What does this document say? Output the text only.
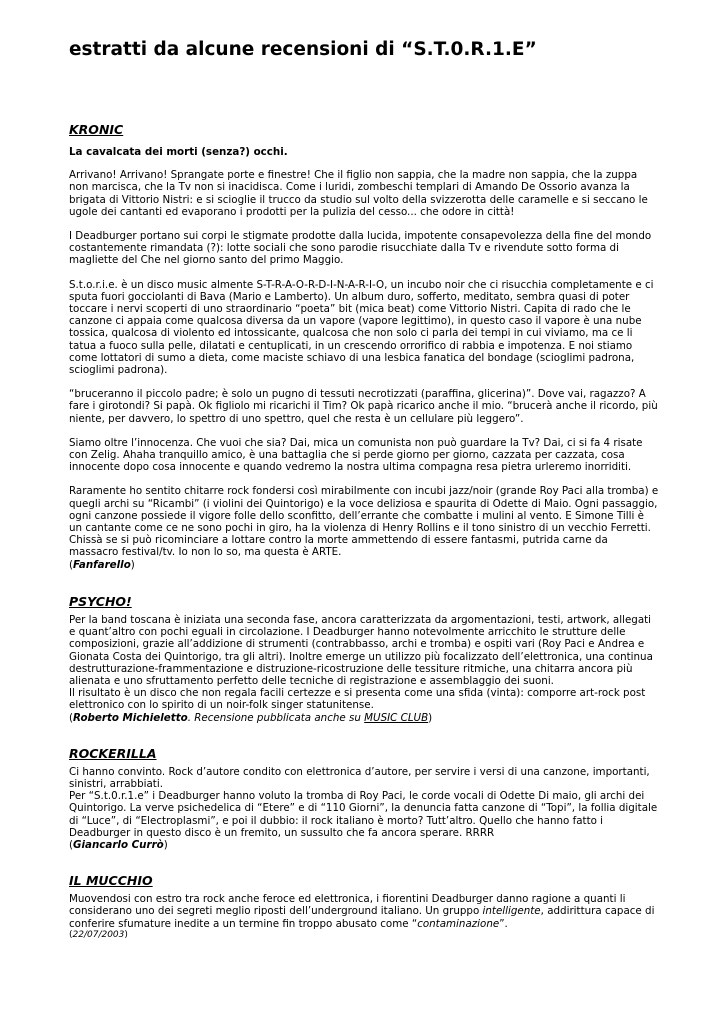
estratti da alcune recensioni di “S.T.0.R.1.E”
KRONIC

La cavalcata dei morti (senza?) occhi.

Arrivano! Arrivano! Sprangate porte e finestre! Che il figlio non sappia, che la madre non sappia, che la zuppa non marcisca, che la Tv non si inacidisca. Come i luridi, zombeschi templari di Amando De Ossorio avanza la brigata di Vittorio Nistri: e si scioglie il trucco da studio sul volto della svizzerotta delle caramelle e si seccano le ugole dei cantanti ed evaporano i prodotti per la pulizia del cesso... che odore in città!

I Deadburger portano sui corpi le stigmate prodotte dalla lucida, impotente consapevolezza della fine del mondo costantemente rimandata (?): lotte sociali che sono parodie risucchiate dalla Tv e rivendute sotto forma di magliette del Che nel giorno santo del primo Maggio.

S.t.o.r.i.e. è un disco music almente S-T-R-A-O-R-D-I-N-A-R-I-O, un incubo noir che ci risucchia completamente e ci sputa fuori gocciolanti di Bava (Mario e Lamberto). Un album duro, sofferto, meditato, sembra quasi di poter toccare i nervi scoperti di uno straordinario “poeta” bit (mica beat) come Vittorio Nistri. Capita di rado che le canzone ci appaia come qualcosa diversa da un vapore (vapore legittimo), in questo caso il vapore è una nube tossica, qualcosa di violento ed intossicante, qualcosa che non solo ci parla dei tempi in cui viviamo, ma ce li tatua a fuoco sulla pelle, dilatati e centuplicati, in un crescendo orrorifico di rabbia e impotenza. E noi stiamo come lottatori di sumo a dieta, come maciste schiavo di una lesbica fanatica del bondage (scioglimi padrona, scioglimi padrona).

“bruceranno il piccolo padre; è solo un pugno di tessuti necrotizzati (paraffina, glicerina)”. Dove vai, ragazzo? A fare i girotondi? Si papà. Ok figliolo mi ricarichi il Tim? Ok papà ricarico anche il mio. “brucerà anche il ricordo, più niente, per davvero, lo spettro di uno spettro, quel che resta è un cellulare più leggero”.

Siamo oltre l’innocenza. Che vuoi che sia? Dai, mica un comunista non può guardare la Tv? Dai, ci si fa 4 risate con Zelig. Ahaha tranquillo amico, è una battaglia che si perde giorno per giorno, cazzata per cazzata, cosa innocente dopo cosa innocente e quando vedremo la nostra ultima compagna resa pietra urleremo inorriditi.

Raramente ho sentito chitarre rock fondersi così mirabilmente con incubi jazz/noir (grande Roy Paci alla tromba) e quegli archi su “Ricambi” (i violini dei Quintorigo) e la voce deliziosa e spaurita di Odette di Maio. Ogni passaggio, ogni canzone possiede il vigore folle dello sconfitto, dell’errante che combatte i mulini al vento. E Simone Tilli è un cantante come ce ne sono pochi in giro, ha la violenza di Henry Rollins e il tono sinistro di un vecchio Ferretti. Chissà se si può ricominciare a lottare contro la morte ammettendo di essere fantasmi, putrida carne da massacro festival/tv. Io non lo so, ma questa è ARTE.

(Fanfarello)

PSYCHO!

Per la band toscana è iniziata una seconda fase, ancora caratterizzata da argomentazioni, testi, artwork, allegati e quant’altro con pochi eguali in circolazione. I Deadburger hanno notevolmente arricchito le strutture delle composizioni, grazie all’addizione di strumenti (contrabbasso, archi e tromba) e ospiti vari (Roy Paci e Andrea e Gionata Costa dei Quintorigo, tra gli altri). Inoltre emerge un utilizzo più focalizzato dell’elettronica, una continua destrutturazione-frammentazione e distruzione-ricostruzione delle tessiture ritmiche, una chitarra ancora più alienata e uno sfruttamento perfetto delle tecniche di registrazione e assemblaggio dei suoni.

Il risultato è un disco che non regala facili certezze e si presenta come una sfida (vinta): comporre art-rock post elettronico con lo spirito di un noir-folk singer statunitense.

(Roberto Michieletto. Recensione pubblicata anche su MUSIC CLUB)

ROCKERILLA

Ci hanno convinto. Rock d’autore condito con elettronica d’autore, per servire i versi di una canzone, importanti, sinistri, arrabbiati.

Per “S.t.0.r.1.e” i Deadburger hanno voluto la tromba di Roy Paci, le corde vocali di Odette Di maio, gli archi dei Quintorigo. La verve psichedelica di “Etere” e di “110 Giorni”, la denuncia fatta canzone di “Topi”, la follia digitale di “Luce”, di “Electroplasmi”, e poi il dubbio: il rock italiano è morto? Tutt’altro. Quello che hanno fatto i Deadburger in questo disco è un fremito, un sussulto che fa ancora sperare. RRRR

(Giancarlo Currò)

IL MUCCHIO

Muovendosi con estro tra rock anche feroce ed elettronica, i fiorentini Deadburger danno ragione a quanti li considerano uno dei segreti meglio riposti dell’underground italiano. Un gruppo intelligente, addirittura capace di conferire sfumature inedite a un termine fin troppo abusato come “contaminazione”.

(22/07/2003)
